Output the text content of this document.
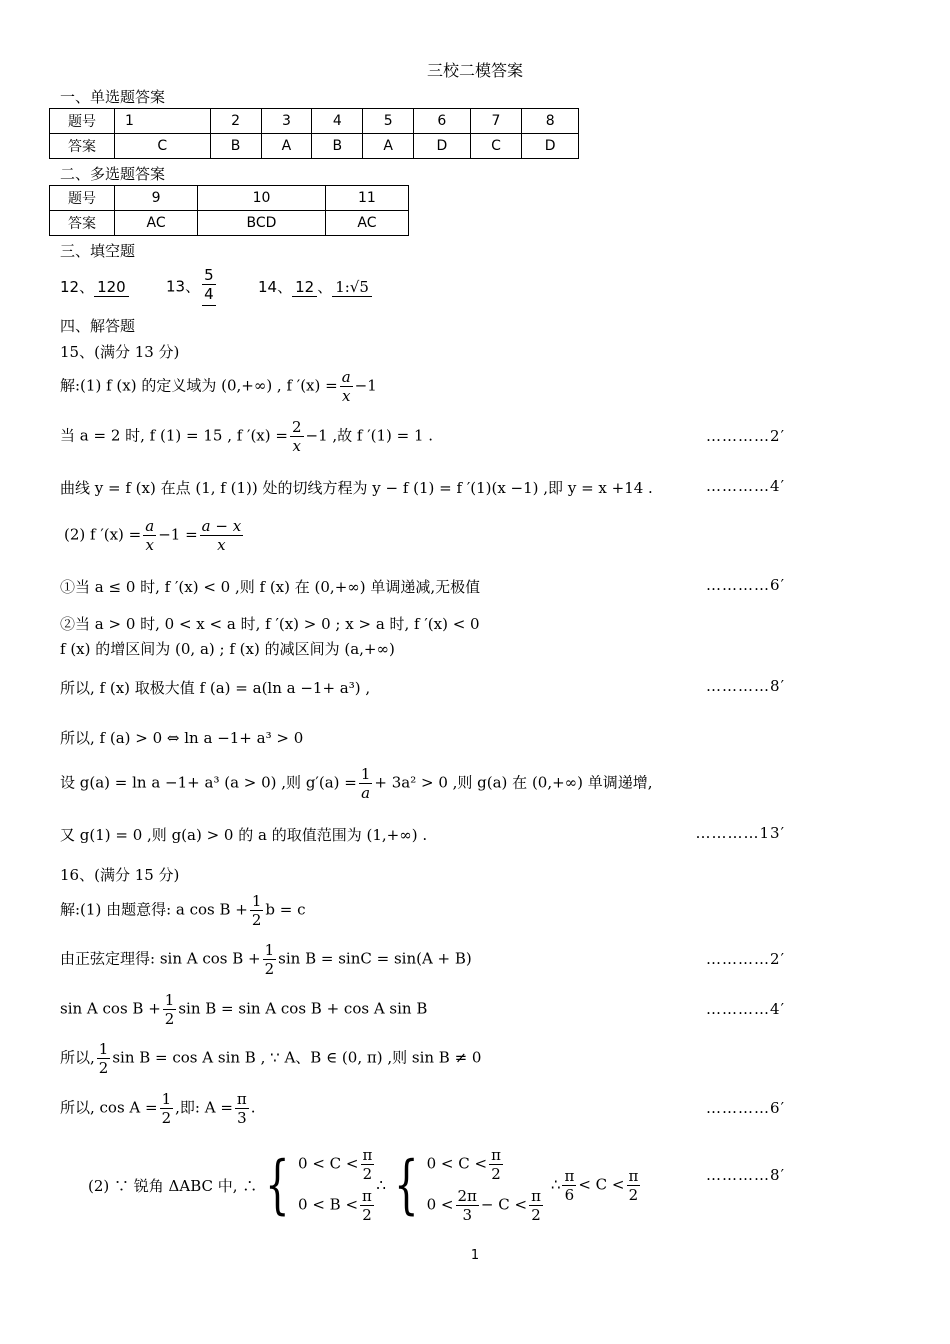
三校二模答案
一、单选题答案
题号	1	2	3	4	5	6	7	8
答案	C	B	A	B	A	D	C	D
二、多选题答案
题号	9	10	11
答案	AC	BCD	AC
三、填空题
12、 120	13、 $\frac{5}{4}$	14、 12 、 1:√5
四、解答题
15、(满分 13 分)
解:(1) f (x) 的定义域为 (0,+∞) , f $'(x) = \frac{a}{x} -1$
当 a = 2 时, f (1) = 15 , f $'(x) = \frac{2}{x} -1$ ,故 f ′(1) = 1 .	…………2′
曲线 y = f (x) 在点 (1, f (1)) 处的切线方程为 y − f (1) = f ′(1)(x −1) ,即 y = x +14 .	…………4′
(2) f $'(x) = \frac{a}{x} -1 = \frac{a - x}{x}$
①当 a ≤ 0 时, f ′(x) < 0 ,则 f (x) 在 (0,+∞) 单调递减,无极值	…………6′
②当 a > 0 时, 0 < x < a 时, f ′(x) > 0 ; x > a 时, f ′(x) < 0
f (x) 的增区间为 (0, a) ; f (x) 的减区间为 (a,+∞)
所以, f (x) 取极大值 f (a) = a(ln a −1+ a³) ,	…………8′
所以, f (a) > 0 ⇔ ln a −1+ a³ > 0
设 g(a) = ln a −1+ a³ (a > 0) ,则 $g'(a) = \frac{1}{a} + 3a^2 > 0$ ,则 g(a) 在 (0,+∞) 单调递增,
又 g(1) = 0 ,则 g(a) > 0 的 a 的取值范围为 (1,+∞) .	…………13′
16、(满分 15 分)
解:(1) 由题意得: a $\cos B + \frac{1}{2}$ b = c
由正弦定理得: sin A $\cos B + \frac{1}{2}$ sin B = sinC = sin(A + B)	…………2′
sin A $\cos B + \frac{1}{2}$ sin B = sin A cos B + cos A sin B	…………4′
所以, $\frac{1}{2}$ sin B = cos A sin B , ∵ A、B ∈ (0, π) ,则 sin B ≠ 0
所以, $\cos A = \frac{1}{2}$ ,即: $A = \frac{\pi}{3}$ .	…………6′
(2) ∵ 锐角 ΔABC 中, ∴ { $0 < C < \frac{\pi}{2}$
$0 < B < \frac{\pi}{2}$
∴ { $0 < C < \frac{\pi}{2}$
$0 < \frac{2\pi}{3} - C < \frac{\pi}{2}$
∴ $\frac{\pi}{6} < C < \frac{\pi}{2}$	…………8′
1
